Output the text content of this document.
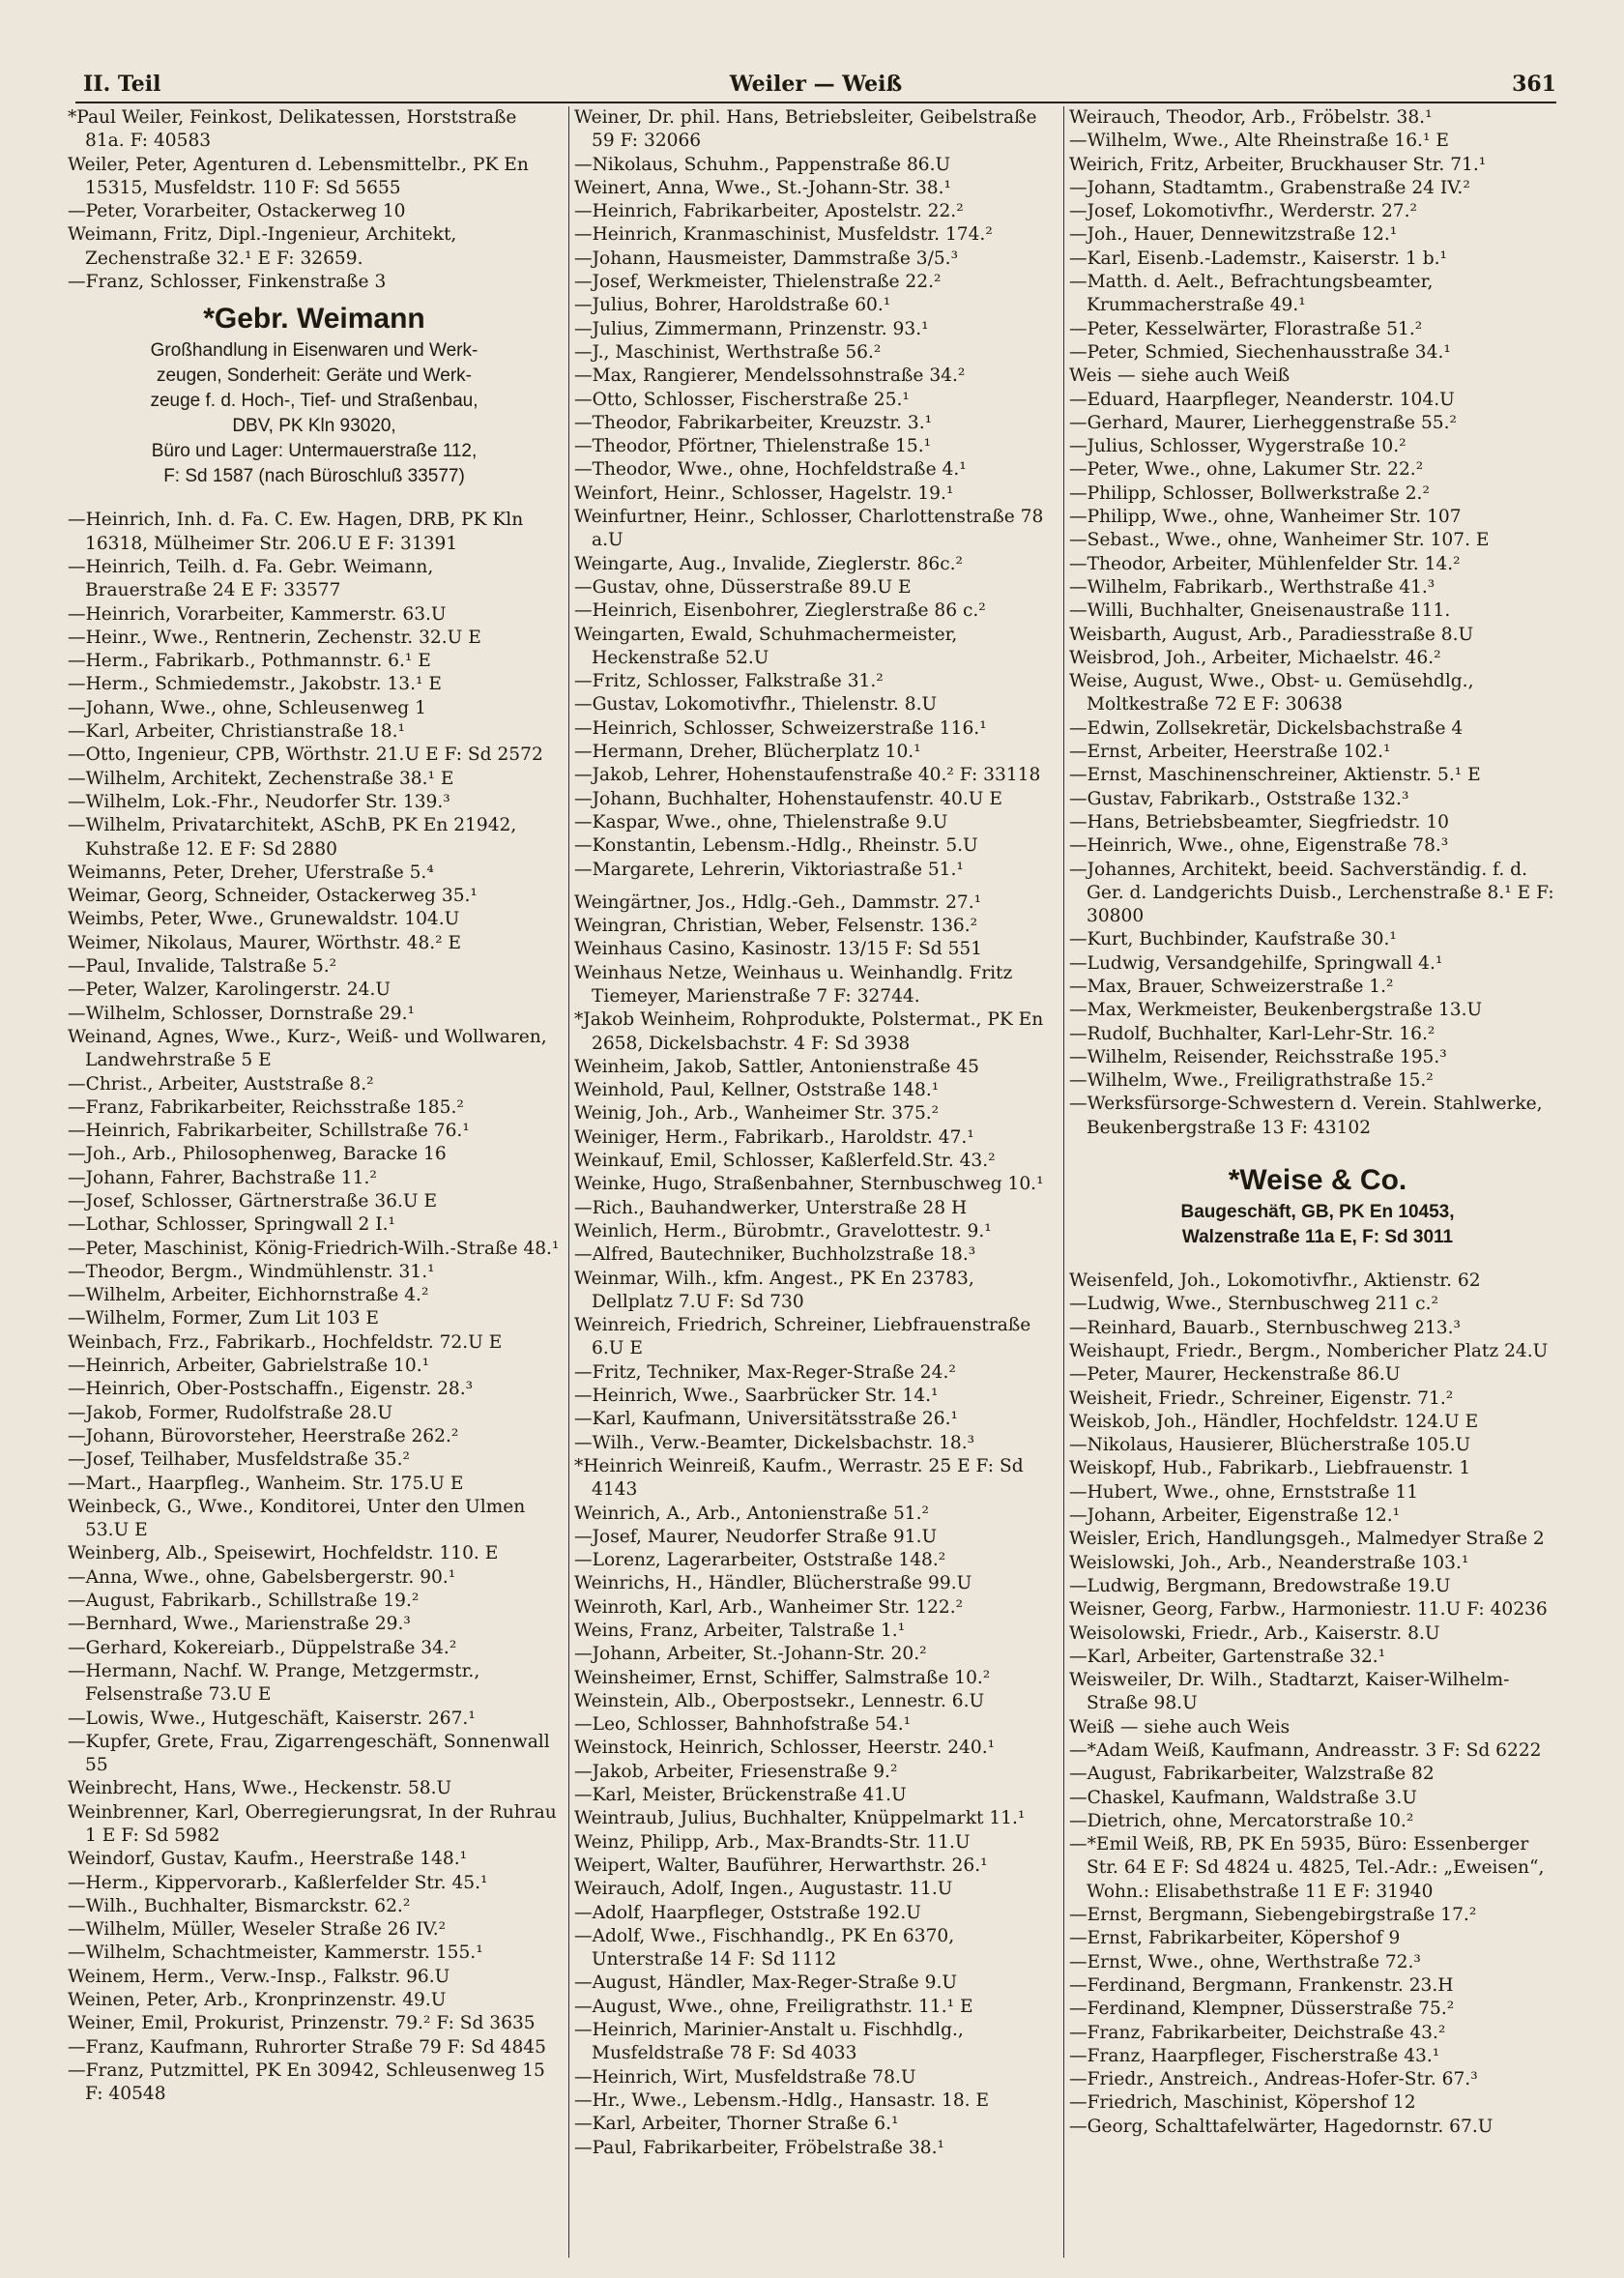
II. Teil	Weiler — Weiß	361
*Paul Weiler, Feinkost, Delikatessen, Horststraße 81a. F: 40583
Weiler, Peter, Agenturen d. Lebensmittelbr., PK En 15315, Musfeldstr. 110 F: Sd 5655
—Peter, Vorarbeiter, Ostackerweg 10
Weimann, Fritz, Dipl.-Ingenieur, Architekt, Zechenstraße 32.¹ E F: 32659.
—Franz, Schlosser, Finkenstraße 3
*Gebr. Weimann
Großhandlung in Eisenwaren und Werk-
zeugen, Sonderheit: Geräte und Werk-
zeuge f. d. Hoch-, Tief- und Straßenbau,
DBV, PK Kln 93020,
Büro und Lager: Untermauerstraße 112,
F: Sd 1587 (nach Büroschluß 33577)
—Heinrich, Inh. d. Fa. C. Ew. Hagen, DRB, PK Kln 16318, Mülheimer Str. 206.U E F: 31391
—Heinrich, Teilh. d. Fa. Gebr. Weimann, Brauerstraße 24 E F: 33577
—Heinrich, Vorarbeiter, Kammerstr. 63.U
—Heinr., Wwe., Rentnerin, Zechenstr. 32.U E
—Herm., Fabrikarb., Pothmannstr. 6.¹ E
—Herm., Schmiedemstr., Jakobstr. 13.¹ E
—Johann, Wwe., ohne, Schleusenweg 1
—Karl, Arbeiter, Christianstraße 18.¹
—Otto, Ingenieur, CPB, Wörthstr. 21.U E F: Sd 2572
—Wilhelm, Architekt, Zechenstraße 38.¹ E
—Wilhelm, Lok.-Fhr., Neudorfer Str. 139.³
—Wilhelm, Privatarchitekt, ASchB, PK En 21942, Kuhstraße 12. E F: Sd 2880
Weimanns, Peter, Dreher, Uferstraße 5.⁴
Weimar, Georg, Schneider, Ostackerweg 35.¹
Weimbs, Peter, Wwe., Grunewaldstr. 104.U
Weimer, Nikolaus, Maurer, Wörthstr. 48.² E
—Paul, Invalide, Talstraße 5.²
—Peter, Walzer, Karolingerstr. 24.U
—Wilhelm, Schlosser, Dornstraße 29.¹
Weinand, Agnes, Wwe., Kurz-, Weiß- und Wollwaren, Landwehrstraße 5 E
—Christ., Arbeiter, Auststraße 8.²
—Franz, Fabrikarbeiter, Reichsstraße 185.²
—Heinrich, Fabrikarbeiter, Schillstraße 76.¹
—Joh., Arb., Philosophenweg, Baracke 16
—Johann, Fahrer, Bachstraße 11.²
—Josef, Schlosser, Gärtnerstraße 36.U E
—Lothar, Schlosser, Springwall 2 I.¹
—Peter, Maschinist, König-Friedrich-Wilh.-Straße 48.¹
—Theodor, Bergm., Windmühlenstr. 31.¹
—Wilhelm, Arbeiter, Eichhornstraße 4.²
—Wilhelm, Former, Zum Lit 103 E
Weinbach, Frz., Fabrikarb., Hochfeldstr. 72.U E
—Heinrich, Arbeiter, Gabrielstraße 10.¹
—Heinrich, Ober-Postschaffn., Eigenstr. 28.³
—Jakob, Former, Rudolfstraße 28.U
—Johann, Bürovorsteher, Heerstraße 262.²
—Josef, Teilhaber, Musfeldstraße 35.²
—Mart., Haarpfleg., Wanheim. Str. 175.U E
Weinbeck, G., Wwe., Konditorei, Unter den Ulmen 53.U E
Weinberg, Alb., Speisewirt, Hochfeldstr. 110. E
—Anna, Wwe., ohne, Gabelsbergerstr. 90.¹
—August, Fabrikarb., Schillstraße 19.²
—Bernhard, Wwe., Marienstraße 29.³
—Gerhard, Kokereiarb., Düppelstraße 34.²
—Hermann, Nachf. W. Prange, Metzgermstr., Felsenstraße 73.U E
—Lowis, Wwe., Hutgeschäft, Kaiserstr. 267.¹
—Kupfer, Grete, Frau, Zigarrengeschäft, Sonnenwall 55
Weinbrecht, Hans, Wwe., Heckenstr. 58.U
Weinbrenner, Karl, Oberregierungsrat, In der Ruhrau 1 E F: Sd 5982
Weindorf, Gustav, Kaufm., Heerstraße 148.¹
—Herm., Kippervorarb., Kaßlerfelder Str. 45.¹
—Wilh., Buchhalter, Bismarckstr. 62.²
—Wilhelm, Müller, Weseler Straße 26 IV.²
—Wilhelm, Schachtmeister, Kammerstr. 155.¹
Weinem, Herm., Verw.-Insp., Falkstr. 96.U
Weinen, Peter, Arb., Kronprinzenstr. 49.U
Weiner, Emil, Prokurist, Prinzenstr. 79.² F: Sd 3635
—Franz, Kaufmann, Ruhrorter Straße 79 F: Sd 4845
—Franz, Putzmittel, PK En 30942, Schleusenweg 15 F: 40548
Weiner, Dr. phil. Hans, Betriebsleiter, Geibelstraße 59 F: 32066
—Nikolaus, Schuhm., Pappenstraße 86.U
Weinert, Anna, Wwe., St.-Johann-Str. 38.¹
—Heinrich, Fabrikarbeiter, Apostelstr. 22.²
—Heinrich, Kranmaschinist, Musfeldstr. 174.²
—Johann, Hausmeister, Dammstraße 3/5.³
—Josef, Werkmeister, Thielenstraße 22.²
—Julius, Bohrer, Haroldstraße 60.¹
—Julius, Zimmermann, Prinzenstr. 93.¹
—J., Maschinist, Werthstraße 56.²
—Max, Rangierer, Mendelssohnstraße 34.²
—Otto, Schlosser, Fischerstraße 25.¹
—Theodor, Fabrikarbeiter, Kreuzstr. 3.¹
—Theodor, Pförtner, Thielenstraße 15.¹
—Theodor, Wwe., ohne, Hochfeldstraße 4.¹
Weinfort, Heinr., Schlosser, Hagelstr. 19.¹
Weinfurtner, Heinr., Schlosser, Charlottenstraße 78 a.U
Weingarte, Aug., Invalide, Zieglerstr. 86c.²
—Gustav, ohne, Düsserstraße 89.U E
—Heinrich, Eisenbohrer, Zieglerstraße 86 c.²
Weingarten, Ewald, Schuhmachermeister, Heckenstraße 52.U
—Fritz, Schlosser, Falkstraße 31.²
—Gustav, Lokomotivfhr., Thielenstr. 8.U
—Heinrich, Schlosser, Schweizerstraße 116.¹
—Hermann, Dreher, Blücherplatz 10.¹
—Jakob, Lehrer, Hohenstaufenstraße 40.² F: 33118
—Johann, Buchhalter, Hohenstaufenstr. 40.U E
—Kaspar, Wwe., ohne, Thielenstraße 9.U
—Konstantin, Lebensm.-Hdlg., Rheinstr. 5.U
—Margarete, Lehrerin, Viktoriastraße 51.¹
Weingärtner, Jos., Hdlg.-Geh., Dammstr. 27.¹
Weingran, Christian, Weber, Felsenstr. 136.²
Weinhaus Casino, Kasinostr. 13/15 F: Sd 551
Weinhaus Netze, Weinhaus u. Weinhandlg. Fritz Tiemeyer, Marienstraße 7 F: 32744.
*Jakob Weinheim, Rohprodukte, Polstermat., PK En 2658, Dickelsbachstr. 4 F: Sd 3938
Weinheim, Jakob, Sattler, Antonienstraße 45
Weinhold, Paul, Kellner, Oststraße 148.¹
Weinig, Joh., Arb., Wanheimer Str. 375.²
Weiniger, Herm., Fabrikarb., Haroldstr. 47.¹
Weinkauf, Emil, Schlosser, Kaßlerfeld.Str. 43.²
Weinke, Hugo, Straßenbahner, Sternbuschweg 10.¹
—Rich., Bauhandwerker, Unterstraße 28 H
Weinlich, Herm., Bürobmtr., Gravelottestr. 9.¹
—Alfred, Bautechniker, Buchholzstraße 18.³
Weinmar, Wilh., kfm. Angest., PK En 23783, Dellplatz 7.U F: Sd 730
Weinreich, Friedrich, Schreiner, Liebfrauenstraße 6.U E
—Fritz, Techniker, Max-Reger-Straße 24.²
—Heinrich, Wwe., Saarbrücker Str. 14.¹
—Karl, Kaufmann, Universitätsstraße 26.¹
—Wilh., Verw.-Beamter, Dickelsbachstr. 18.³
*Heinrich Weinreiß, Kaufm., Werrastr. 25 E F: Sd 4143
Weinrich, A., Arb., Antonienstraße 51.²
—Josef, Maurer, Neudorfer Straße 91.U
—Lorenz, Lagerarbeiter, Oststraße 148.²
Weinrichs, H., Händler, Blücherstraße 99.U
Weinroth, Karl, Arb., Wanheimer Str. 122.²
Weins, Franz, Arbeiter, Talstraße 1.¹
—Johann, Arbeiter, St.-Johann-Str. 20.²
Weinsheimer, Ernst, Schiffer, Salmstraße 10.²
Weinstein, Alb., Oberpostsekr., Lennestr. 6.U
—Leo, Schlosser, Bahnhofstraße 54.¹
Weinstock, Heinrich, Schlosser, Heerstr. 240.¹
—Jakob, Arbeiter, Friesenstraße 9.²
—Karl, Meister, Brückenstraße 41.U
Weintraub, Julius, Buchhalter, Knüppelmarkt 11.¹
Weinz, Philipp, Arb., Max-Brandts-Str. 11.U
Weipert, Walter, Bauführer, Herwarthstr. 26.¹
Weirauch, Adolf, Ingen., Augustastr. 11.U
—Adolf, Haarpfleger, Oststraße 192.U
—Adolf, Wwe., Fischhandlg., PK En 6370, Unterstraße 14 F: Sd 1112
—August, Händler, Max-Reger-Straße 9.U
—August, Wwe., ohne, Freiligrathstr. 11.¹ E
—Heinrich, Marinier-Anstalt u. Fischhdlg., Musfeldstraße 78 F: Sd 4033
—Heinrich, Wirt, Musfeldstraße 78.U
—Hr., Wwe., Lebensm.-Hdlg., Hansastr. 18. E
—Karl, Arbeiter, Thorner Straße 6.¹
—Paul, Fabrikarbeiter, Fröbelstraße 38.¹
Weirauch, Theodor, Arb., Fröbelstr. 38.¹
—Wilhelm, Wwe., Alte Rheinstraße 16.¹ E
Weirich, Fritz, Arbeiter, Bruckhauser Str. 71.¹
—Johann, Stadtamtm., Grabenstraße 24 IV.²
—Josef, Lokomotivfhr., Werderstr. 27.²
—Joh., Hauer, Dennewitzstraße 12.¹
—Karl, Eisenb.-Lademstr., Kaiserstr. 1 b.¹
—Matth. d. Aelt., Befrachtungsbeamter, Krummacherstraße 49.¹
—Peter, Kesselwärter, Florastraße 51.²
—Peter, Schmied, Siechenhausstraße 34.¹
Weis — siehe auch Weiß
—Eduard, Haarpfleger, Neanderstr. 104.U
—Gerhard, Maurer, Lierheggenstraße 55.²
—Julius, Schlosser, Wygerstraße 10.²
—Peter, Wwe., ohne, Lakumer Str. 22.²
—Philipp, Schlosser, Bollwerkstraße 2.²
—Philipp, Wwe., ohne, Wanheimer Str. 107
—Sebast., Wwe., ohne, Wanheimer Str. 107. E
—Theodor, Arbeiter, Mühlenfelder Str. 14.²
—Wilhelm, Fabrikarb., Werthstraße 41.³
—Willi, Buchhalter, Gneisenaustraße 111.
Weisbarth, August, Arb., Paradiesstraße 8.U
Weisbrod, Joh., Arbeiter, Michaelstr. 46.²
Weise, August, Wwe., Obst- u. Gemüsehdlg., Moltkestraße 72 E F: 30638
—Edwin, Zollsekretär, Dickelsbachstraße 4
—Ernst, Arbeiter, Heerstraße 102.¹
—Ernst, Maschinenschreiner, Aktienstr. 5.¹ E
—Gustav, Fabrikarb., Oststraße 132.³
—Hans, Betriebsbeamter, Siegfriedstr. 10
—Heinrich, Wwe., ohne, Eigenstraße 78.³
—Johannes, Architekt, beeid. Sachverständig. f. d. Ger. d. Landgerichts Duisb., Lerchenstraße 8.¹ E F: 30800
—Kurt, Buchbinder, Kaufstraße 30.¹
—Ludwig, Versandgehilfe, Springwall 4.¹
—Max, Brauer, Schweizerstraße 1.²
—Max, Werkmeister, Beukenbergstraße 13.U
—Rudolf, Buchhalter, Karl-Lehr-Str. 16.²
—Wilhelm, Reisender, Reichsstraße 195.³
—Wilhelm, Wwe., Freiligrathstraße 15.²
—Werksfürsorge-Schwestern d. Verein. Stahlwerke, Beukenbergstraße 13 F: 43102
*Weise & Co.
Baugeschäft, GB, PK En 10453,
Walzenstraße 11a E, F: Sd 3011
Weisenfeld, Joh., Lokomotivfhr., Aktienstr. 62
—Ludwig, Wwe., Sternbuschweg 211 c.²
—Reinhard, Bauarb., Sternbuschweg 213.³
Weishaupt, Friedr., Bergm., Nombericher Platz 24.U
—Peter, Maurer, Heckenstraße 86.U
Weisheit, Friedr., Schreiner, Eigenstr. 71.²
Weiskob, Joh., Händler, Hochfeldstr. 124.U E
—Nikolaus, Hausierer, Blücherstraße 105.U
Weiskopf, Hub., Fabrikarb., Liebfrauenstr. 1
—Hubert, Wwe., ohne, Ernststraße 11
—Johann, Arbeiter, Eigenstraße 12.¹
Weisler, Erich, Handlungsgeh., Malmedyer Straße 2
Weislowski, Joh., Arb., Neanderstraße 103.¹
—Ludwig, Bergmann, Bredowstraße 19.U
Weisner, Georg, Farbw., Harmoniestr. 11.U F: 40236
Weisolowski, Friedr., Arb., Kaiserstr. 8.U
—Karl, Arbeiter, Gartenstraße 32.¹
Weisweiler, Dr. Wilh., Stadtarzt, Kaiser-Wilhelm-Straße 98.U
Weiß — siehe auch Weis
—*Adam Weiß, Kaufmann, Andreasstr. 3 F: Sd 6222
—August, Fabrikarbeiter, Walzstraße 82
—Chaskel, Kaufmann, Waldstraße 3.U
—Dietrich, ohne, Mercatorstraße 10.²
—*Emil Weiß, RB, PK En 5935, Büro: Essenberger Str. 64 E F: Sd 4824 u. 4825, Tel.-Adr.: „Eweisen“, Wohn.: Elisabethstraße 11 E F: 31940
—Ernst, Bergmann, Siebengebirgstraße 17.²
—Ernst, Fabrikarbeiter, Köpershof 9
—Ernst, Wwe., ohne, Werthstraße 72.³
—Ferdinand, Bergmann, Frankenstr. 23.H
—Ferdinand, Klempner, Düsserstraße 75.²
—Franz, Fabrikarbeiter, Deichstraße 43.²
—Franz, Haarpfleger, Fischerstraße 43.¹
—Friedr., Anstreich., Andreas-Hofer-Str. 67.³
—Friedrich, Maschinist, Köpershof 12
—Georg, Schalttafelwärter, Hagedornstr. 67.U
